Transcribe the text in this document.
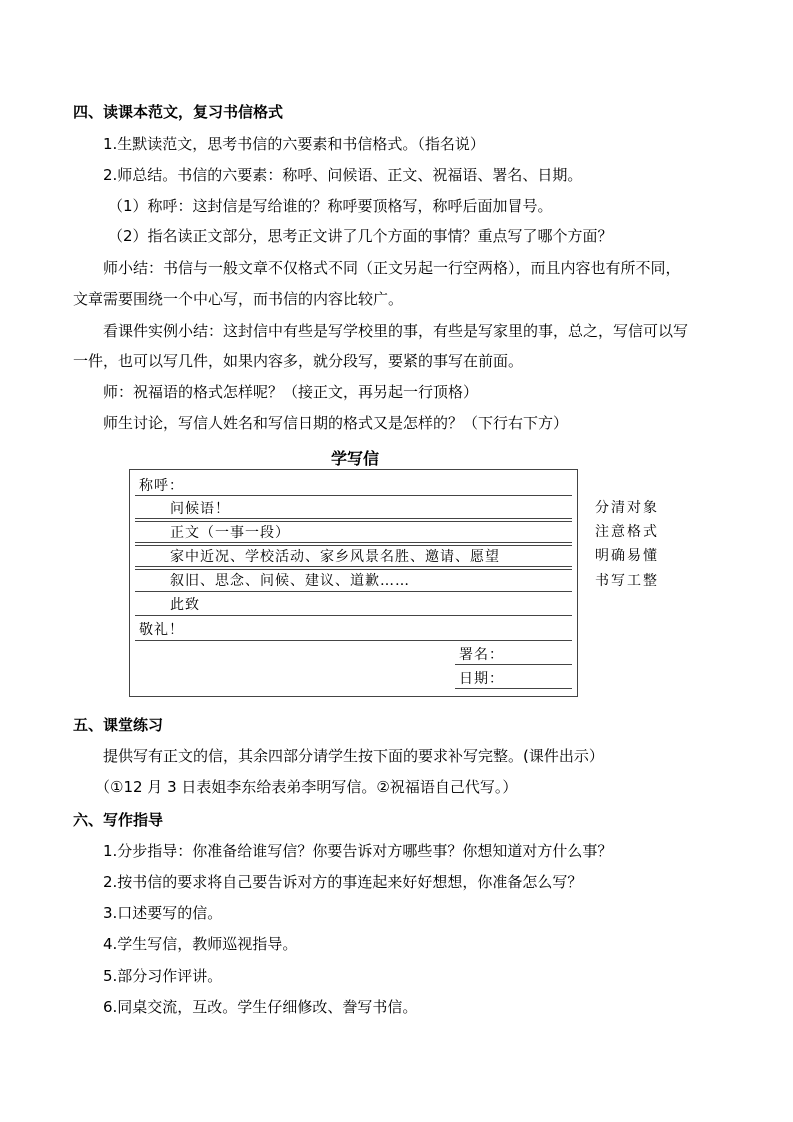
四、读课本范文，复习书信格式
1.生默读范文，思考书信的六要素和书信格式。（指名说）
2.师总结。书信的六要素：称呼、问候语、正文、祝福语、署名、日期。
（1）称呼：这封信是写给谁的？称呼要顶格写，称呼后面加冒号。
（2）指名读正文部分，思考正文讲了几个方面的事情？重点写了哪个方面？
师小结：书信与一般文章不仅格式不同（正文另起一行空两格），而且内容也有所不同，
文章需要围绕一个中心写，而书信的内容比较广。
看课件实例小结：这封信中有些是写学校里的事，有些是写家里的事，总之，写信可以写
一件，也可以写几件，如果内容多，就分段写，要紧的事写在前面。
师：祝福语的格式怎样呢？（接正文，再另起一行顶格）
师生讨论，写信人姓名和写信日期的格式又是怎样的？（下行右下方）
学写信
称呼：
问候语！
正文（一事一段）
家中近况、学校活动、家乡风景名胜、邀请、愿望
叙旧、思念、问候、建议、道歉……
此致
敬礼！
署名：
日期：
分清对象
注意格式
明确易懂
书写工整
五、课堂练习
提供写有正文的信，其余四部分请学生按下面的要求补写完整。(课件出示）
（①12 月 3 日表姐李东给表弟李明写信。②祝福语自己代写。）
六、写作指导
1.分步指导：你准备给谁写信？你要告诉对方哪些事？你想知道对方什么事？
2.按书信的要求将自己要告诉对方的事连起来好好想想，你准备怎么写？
3.口述要写的信。
4.学生写信，教师巡视指导。
5.部分习作评讲。
6.同桌交流，互改。学生仔细修改、誊写书信。
